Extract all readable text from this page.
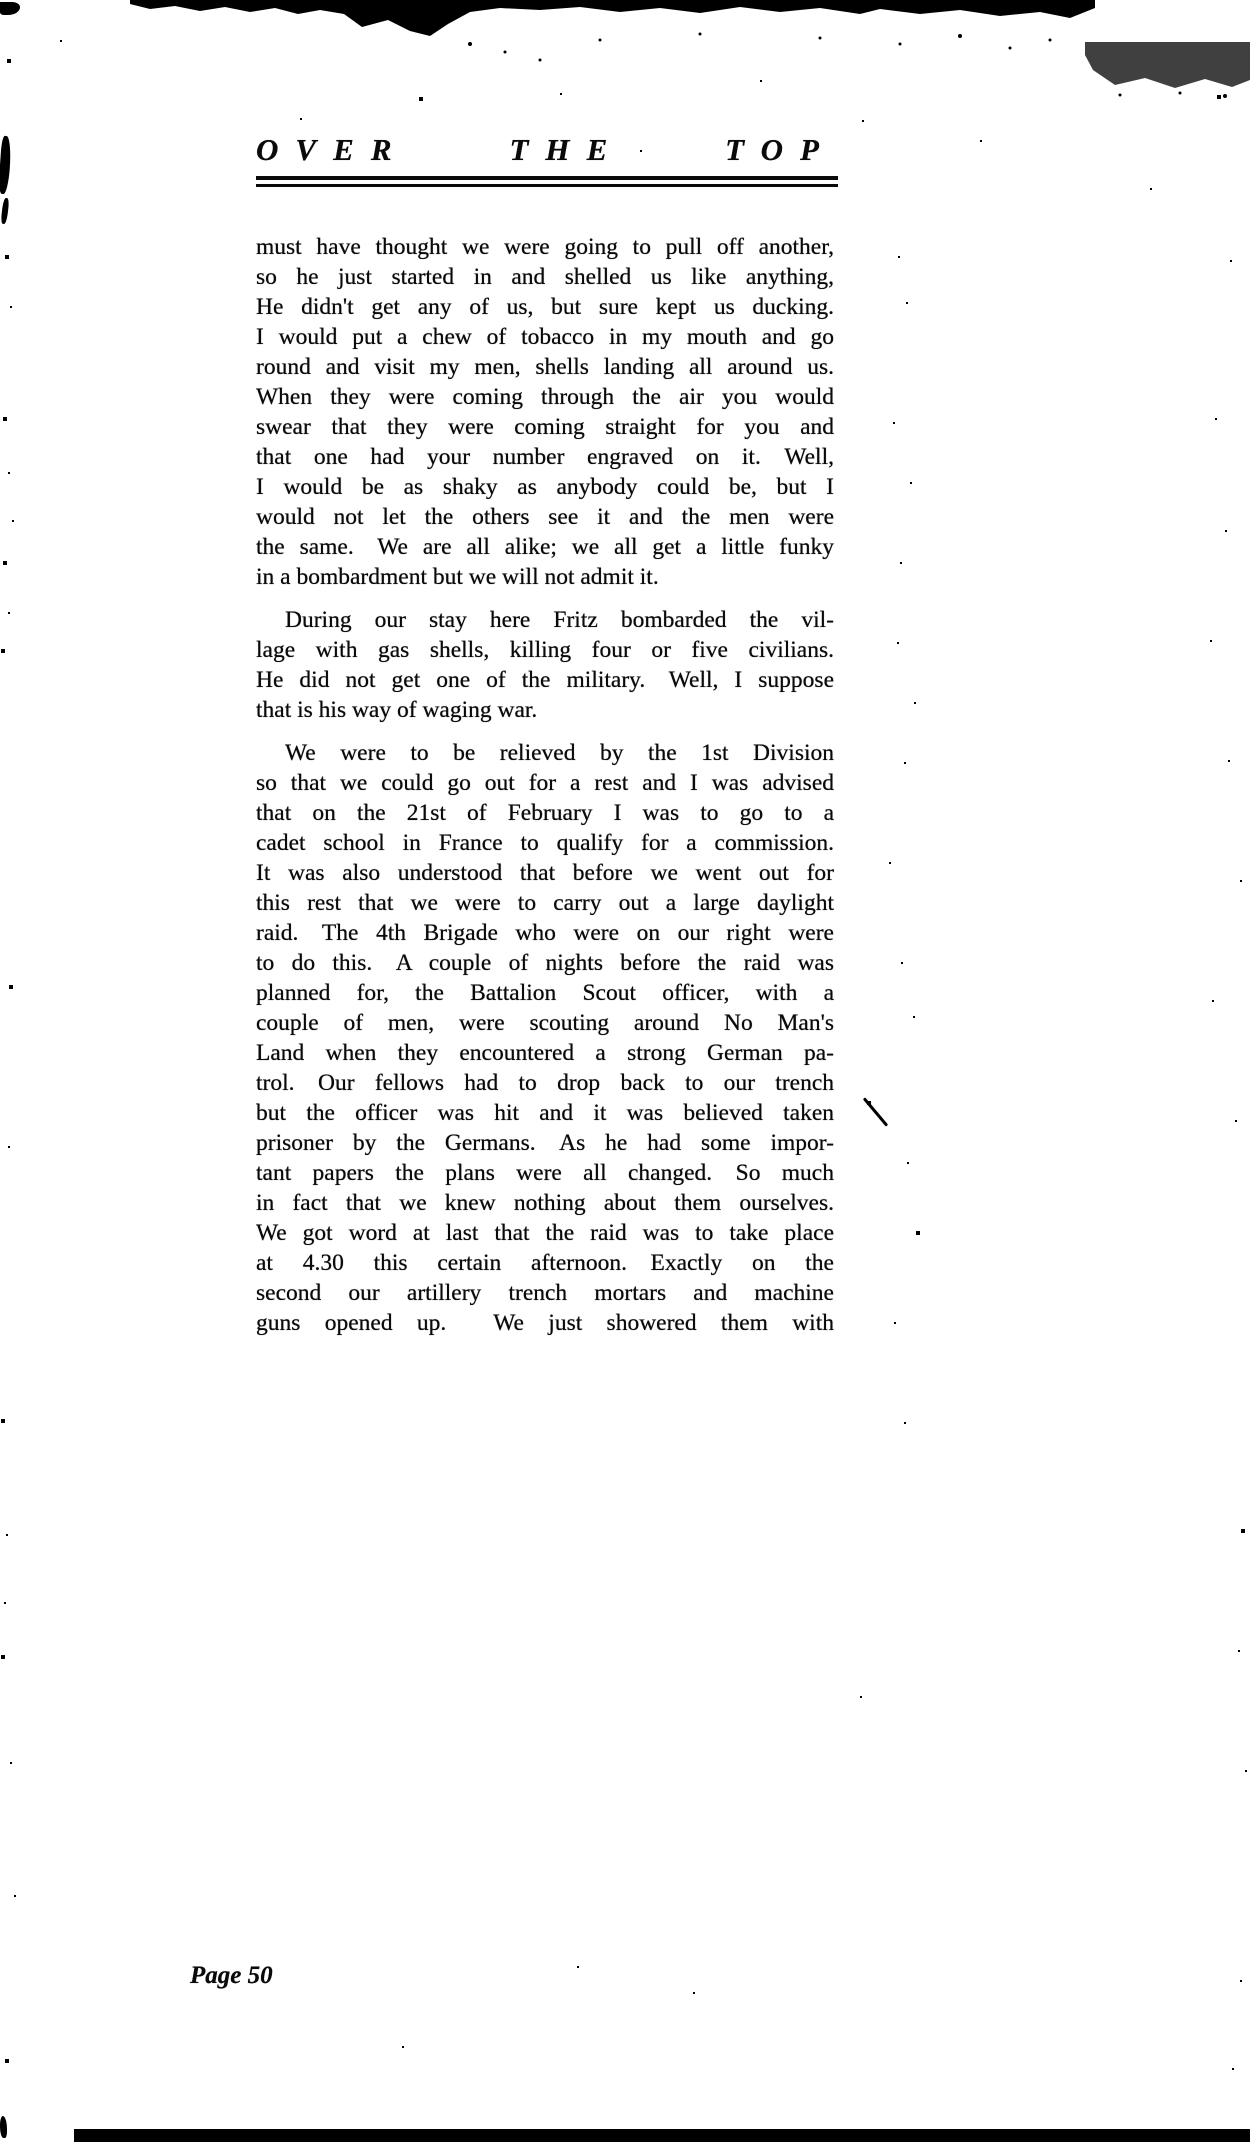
OVER	THE	TOP
must have thought we were going to pull off another,
so he just started in and shelled us like anything,
He didn't get any of us, but sure kept us ducking.
I would put a chew of tobacco in my mouth and go
round and visit my men, shells landing all around us.
When they were coming through the air you would
swear that they were coming straight for you and
that one had your number engraved on it. Well,
I would be as shaky as anybody could be, but I
would not let the others see it and the men were
the same. We are all alike; we all get a little funky
in a bombardment but we will not admit it.
During our stay here Fritz bombarded the vil-
lage with gas shells, killing four or five civilians.
He did not get one of the military. Well, I suppose
that is his way of waging war.
We were to be relieved by the 1st Division
so that we could go out for a rest and I was advised
that on the 21st of February I was to go to a
cadet school in France to qualify for a commission.
It was also understood that before we went out for
this rest that we were to carry out a large daylight
raid. The 4th Brigade who were on our right were
to do this. A couple of nights before the raid was
planned for, the Battalion Scout officer, with a
couple of men, were scouting around No Man's
Land when they encountered a strong German pa-
trol. Our fellows had to drop back to our trench
but the officer was hit and it was believed taken
prisoner by the Germans. As he had some impor-
tant papers the plans were all changed. So much
in fact that we knew nothing about them ourselves.
We got word at last that the raid was to take place
at 4.30 this certain afternoon. Exactly on the
second our artillery trench mortars and machine
guns opened up.  We just showered them with
Page 50
